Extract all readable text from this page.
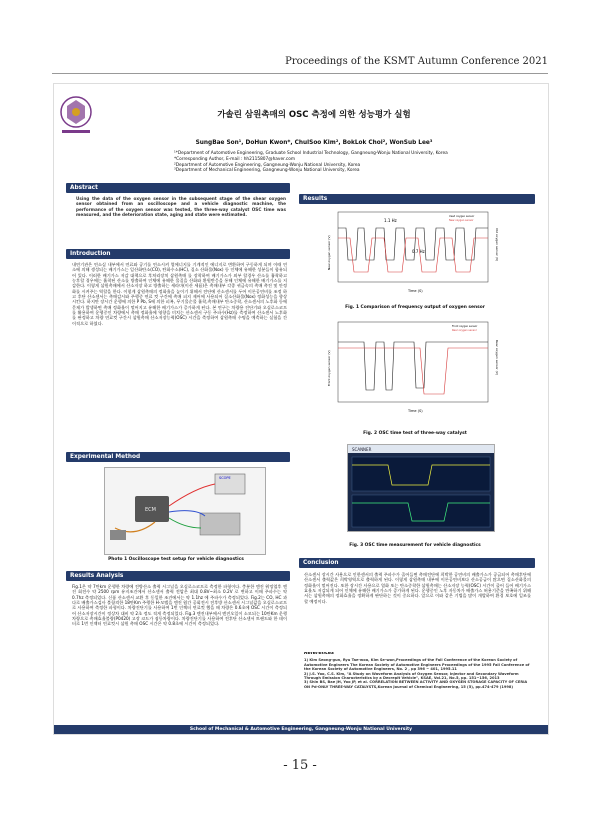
Proceedings of the KSMT Autumn Conference 2021
가솔린 삼원촉매의 OSC 측정에 의한 성능평가 실험
SungBae Son¹, DoHun Kwon*, ChulSoo Kim², BokLok Choi², WonSub Lee³
¹*Department of Automotive Engineering, Graduate School Industrial Technology, Gangneung-Wonju National University, Korea
*Corresponding Author, E-mail : hh2115807@haver.com
²Department of Automotive Engineering, Gangneung-Wonju National University, Korea
³Department of Mechanical Engineering, Gangneung-Wonju National University, Korea
Abstract
Using the data of the oxygen sensor in the subsequent stage of the shear oxygen sensor obtained from an oscilloscope and a vehicle diagnostic machine, the performance of the oxygen sensor was tested, the three-way catalyst OSC time was measured, and the deterioration state, aging and state were estimated.
Introduction
내연기관은 연소실 내부에서 연료와 공기를 연소시켜 열에너지를 기계적인 에너지로 변환하여 구동하게 되며 이때 연소에 의해 생성되는 배기가스는 일산화탄소(CO), 탄화수소(HC), 질소 산화물(Nox) 등 인체에 유해한 성분들이 함유되어 있다. 이러한 배기가스 저감 대책으로 후처리장치 삼원촉매 를 장착하여 배기가스가 외부 할경우 산소를 흡착하고 농후할 경우에는 흡착된 산소를 방출하여 인체에 유해한 물질을 산화와 환원반응을 통해 인체에 유해한 배기가스를 저감한다. 이렇게 삼원촉매에서 산소저장 하고 방출하는 세라마(이산 세륨)은 촉매내부 각종 귀금속의 촉매 촉진 및 안정화를 시켜주는 역할을 한다. 이렇게 삼원촉매의 정화율을 높이기 위해서 전단에 산소센서를 두어 이론공연비를 조정 하고 후단 산소센서는 촉매감시와 주행중 연료 컷 구간에 촉매 피지 제어에 사용되어 질소산화물(Nox) 정화성능을 향상시킨다. 하지만 장시간 운행에 의한 P Pb, S에 의한 피복, 무기물순물 흡착,촉매내부 탄소중착, 산소센서의 노후화 등에 문제가 발생하면 촉매 정화율이 떨어지고 유해한 배기가스가 증가하게 된다. 본 연구는 차량용 진단기와 오실로스코프를 활용하여 운행중인 차량에서 촉매 정화율에 영향을 미치는 산소센서 구동 주파수(Hz)를 측정하여 산소센서 노후화를 판정하고 차량 연료컷 구간시 삼원촉매 산소저장능력(OSC) 시간을 측정하여 삼원촉매 수명을 예측하는 실험을 간이적으로 하였다.
Experimental Method
ECM
SCOPE
Photo 1 Oscilloscope test setup for vehicle diagnostics
Results Analysis
Fig.1은 약 7만km 운행한 차량에 전방산소 출력 시그널을 오실로스코프로 측정한 파형이다. 충분한 엔진 워밍업후 엔진 회전수 약 2500 rpm 유지조건에서 산소센서 출력 전압은 최대 0.8V~최소 0.2V 로 변하고 이때 주파수는 약 0.7hz 측정되었다. 신품 산소센서 교환 후 동일한 조건에서는 약 1.1hz 에 주파수가 측정되었다. Fig.2는 CO, HC 과다로 배출가스검사 불합격한 18만Km 주행한 H-모델을 엔진 웜간 공회전시 전후방 산소센서 시그널값을 오실로스코프로 사용하여 측정한 파형이다. 차량진단기를 사용하여 1번 인젝터 연료컷 했을 때 차량은 0.6초에 OSC 시간이 측정되어 산소저장시간이 정상차 대비 약 2초 정도 적게 측정되었다. Fig.3 엔진내부에서 엔진오일이 소모되는 10만Km 운행차량으로 촉매효율불량(P0420) 고장 코드가 점등차량이다. 차량진단기를 사용하여 전후단 산소센서 트랜드와 한 데이터로 1번 인젝터 연료컷시 삼원 촉매 OSC 시간은 약 0.8초에 시간이 측정되었다.
Results
1.1 Hz
0.7 Hz
Used oxygen sensor
New oxygen sensor
Time (S)
New oxygen sensor (V)	Old oxygen sensor (V)
Fig. 1 Comparison of frequency output of oxygen sensor
Front oxygen sensor
Rear oxygen sensor
Time (S)
Front oxygen sensor (V)	Rear oxygen sensor (V)
Fig. 2 OSC time test of three-way catalyst
SCANNER
Fig. 3 OSC time measurement for vehicle diagnostics
Conclusion
산소센서 장시간 사용으로 인한센서의 출력 주파수가 줄어들면 촉매전단에 희박한 공연비의 배출가스가 공급되어 촉매후단에 산소센서 출력값은 희박영역으로 출력하게 된다. 이렇게 삼원촉매 내부에 이론공연비보다 산소공급이 많으면 질소산화물의 정화율이 떨어진다. 또한 장시간 사용으로 열화 또는 탄소중착한 삼원촉매는 산소저장 능력(OSC) 시간이 줄어 들어 배기가스 효율도 저감되게 되어 인체에 유해한 배기가스가 증가하게 된다. 운행중인 노후 자동차가 배출가스 허용기준을 만족하기 위해서는 삼원촉매의 정화효율을 정확하게 판단하는 것이 중요하다. 앞으로 이와 같은 기법을 많이 개발하여 환경 보호에 일조를 할 예정이다.
References
1) Kim Seong-gun, Ryu Tae-woo, Kim Se-won,Proceedings of the Fall Conference of the Korean Society of Automotive Engineers The Korean Society of Automotive Engineers Proceedings of the 1995 Fall Conference of the Korean Society of Automotive Engineers, No. 2 , pp 396 ~ 401, 1995.11
2) J.S. Yoo, C.S. Kim, "A Study on Waveform Analysis of Oxygen Sensor, Injector and Secondary Waveform Through Emission Characteristics by a Decrepit Vehicle", KSAE, Vol.21, No.5, pp. 151~156, 2013
3) Shin BS, Bae JH, Yoo JP, et al. CORRELATION BETWEEN ACTIVITY AND OXYGEN STORAGE CAPACITY OF CERIA ON Pd-ONLY THREE-WAY CATALYSTS,Korean Journal of Chemical Engineering, 15 (5), pp.474-479 (1998)
School of Mechanical & Automotive Engineering, Gangneung-Wonju National University
- 15 -
